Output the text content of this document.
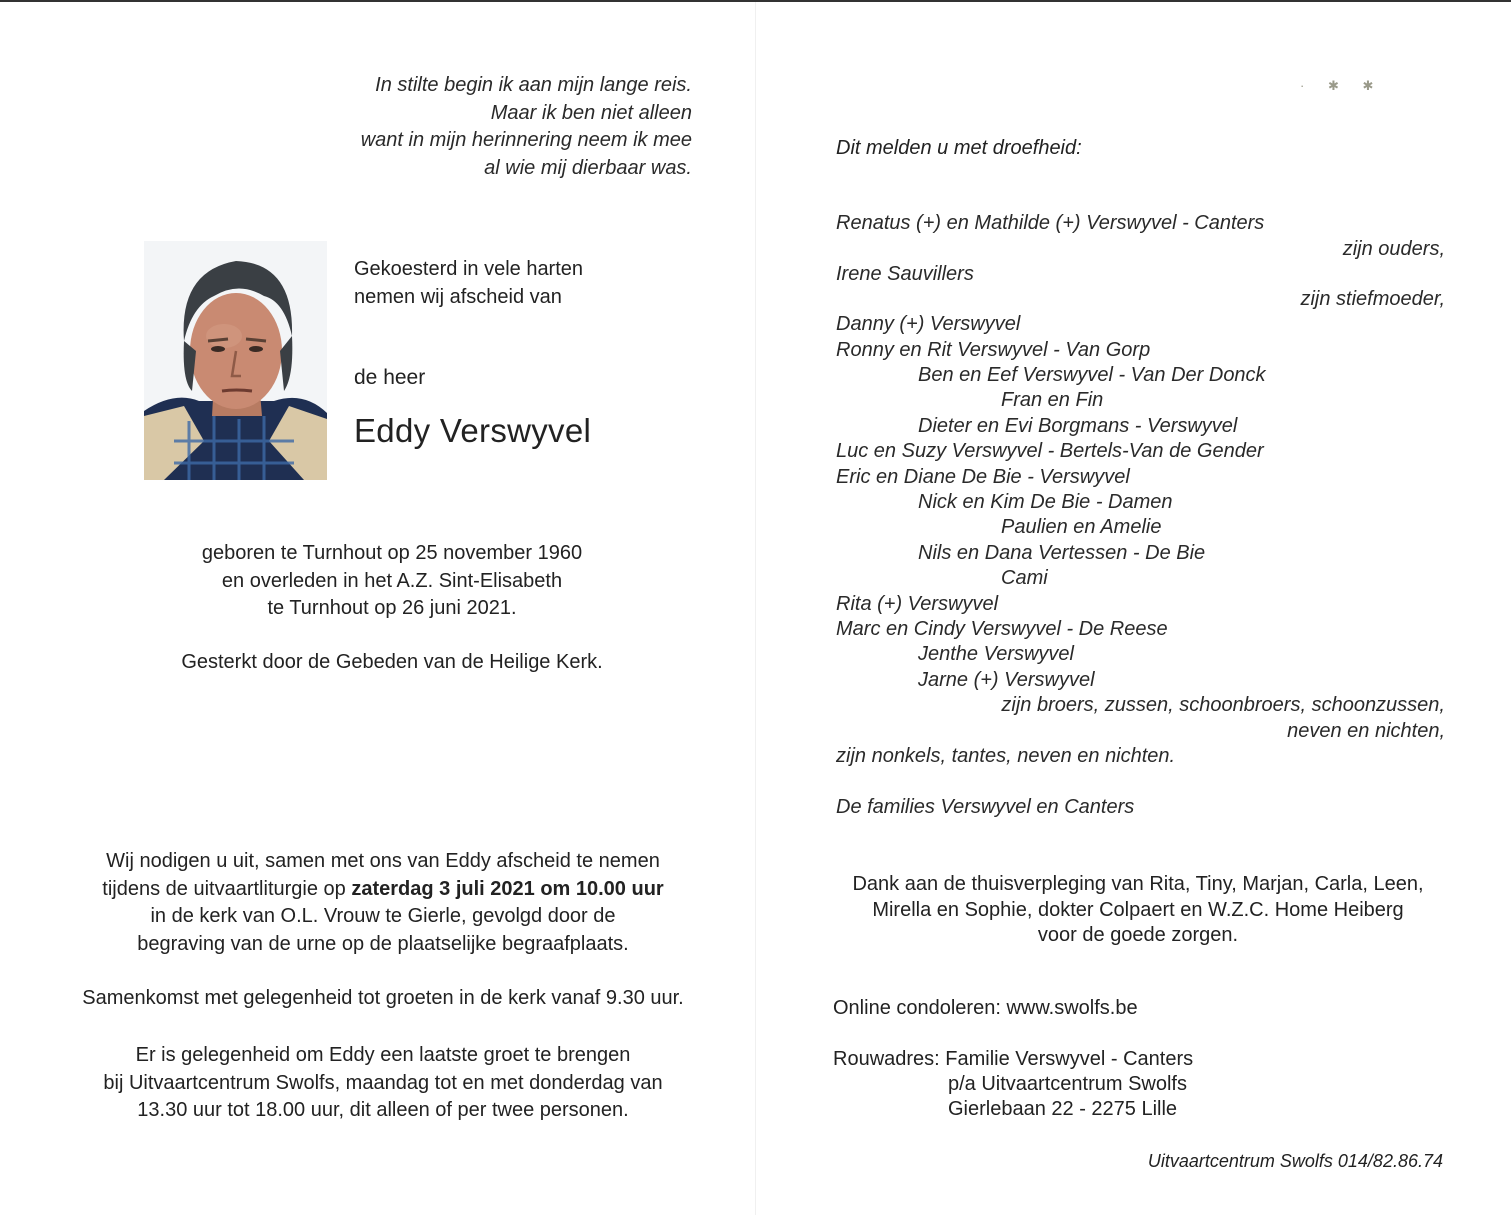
In stilte begin ik aan mijn lange reis.
Maar ik ben niet alleen
want in mijn herinnering neem ik mee
al wie mij dierbaar was.
Gekoesterd in vele harten
nemen wij afscheid van
de heer
Eddy Verswyvel
geboren te Turnhout op 25 november 1960
en overleden in het A.Z. Sint-Elisabeth
te Turnhout op 26 juni 2021.
Gesterkt door de Gebeden van de Heilige Kerk.
Wij nodigen u uit, samen met ons van Eddy afscheid te nemen
tijdens de uitvaartliturgie op zaterdag 3 juli 2021 om 10.00 uur
in de kerk van O.L. Vrouw te Gierle, gevolgd door de
begraving van de urne op de plaatselijke begraafplaats.
Samenkomst met gelegenheid tot groeten in de kerk vanaf 9.30 uur.
Er is gelegenheid om Eddy een laatste groet te brengen
bij Uitvaartcentrum Swolfs, maandag tot en met donderdag van
13.30 uur tot 18.00 uur, dit alleen of per twee personen.
· ✱ ✱
Dit melden u met droefheid:
Renatus (+) en Mathilde (+) Verswyvel - Canters
zijn ouders,
Irene Sauvillers
zijn stiefmoeder,
Danny (+) Verswyvel
Ronny en Rit Verswyvel - Van Gorp
Ben en Eef Verswyvel - Van Der Donck
Fran en Fin
Dieter en Evi Borgmans - Verswyvel
Luc en Suzy Verswyvel - Bertels-Van de Gender
Eric en Diane De Bie - Verswyvel
Nick en Kim De Bie - Damen
Paulien en Amelie
Nils en Dana Vertessen - De Bie
Cami
Rita (+) Verswyvel
Marc en Cindy Verswyvel - De Reese
Jenthe Verswyvel
Jarne (+) Verswyvel
zijn broers, zussen, schoonbroers, schoonzussen,
neven en nichten,
zijn nonkels, tantes, neven en nichten.
De families Verswyvel en Canters
Dank aan de thuisverpleging van Rita, Tiny, Marjan, Carla, Leen,
Mirella en Sophie, dokter Colpaert en W.Z.C. Home Heiberg
voor de goede zorgen.
Online condoleren: www.swolfs.be
Rouwadres: Familie Verswyvel - Canters
p/a Uitvaartcentrum Swolfs
Gierlebaan 22 - 2275 Lille
Uitvaartcentrum Swolfs 014/82.86.74
